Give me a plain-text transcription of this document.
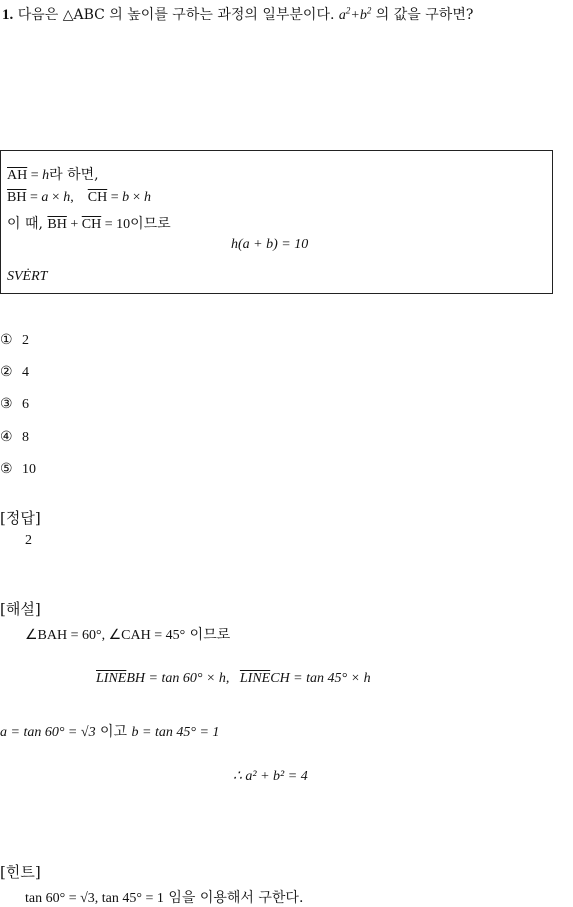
1. 다음은 △ABC 의 높이를 구하는 과정의 일부분이다. $a^2+b^2$ 의 값을 구하면?
$\overline{AH} = h$라 하면,
$\overline{BH} = a \times h$,    $\overline{CH} = b \times h$
이 때, $\overline{BH} + \overline{CH} = 10$이므로
h(a + b) = 10
SVĖRT
① 2
② 4
③ 6
④ 8
⑤ 10
[정답]
2
[해설]
∠BAH = 60°, ∠CAH = 45° 이므로
LINEBH = tan 60° × h, LINECH = tan 45° × h
a = tan 60° = √3 이고 b = tan 45° = 1
∴ a² + b² = 4
[힌트]
tan 60° = √3, tan 45° = 1 임을 이용해서 구한다.
